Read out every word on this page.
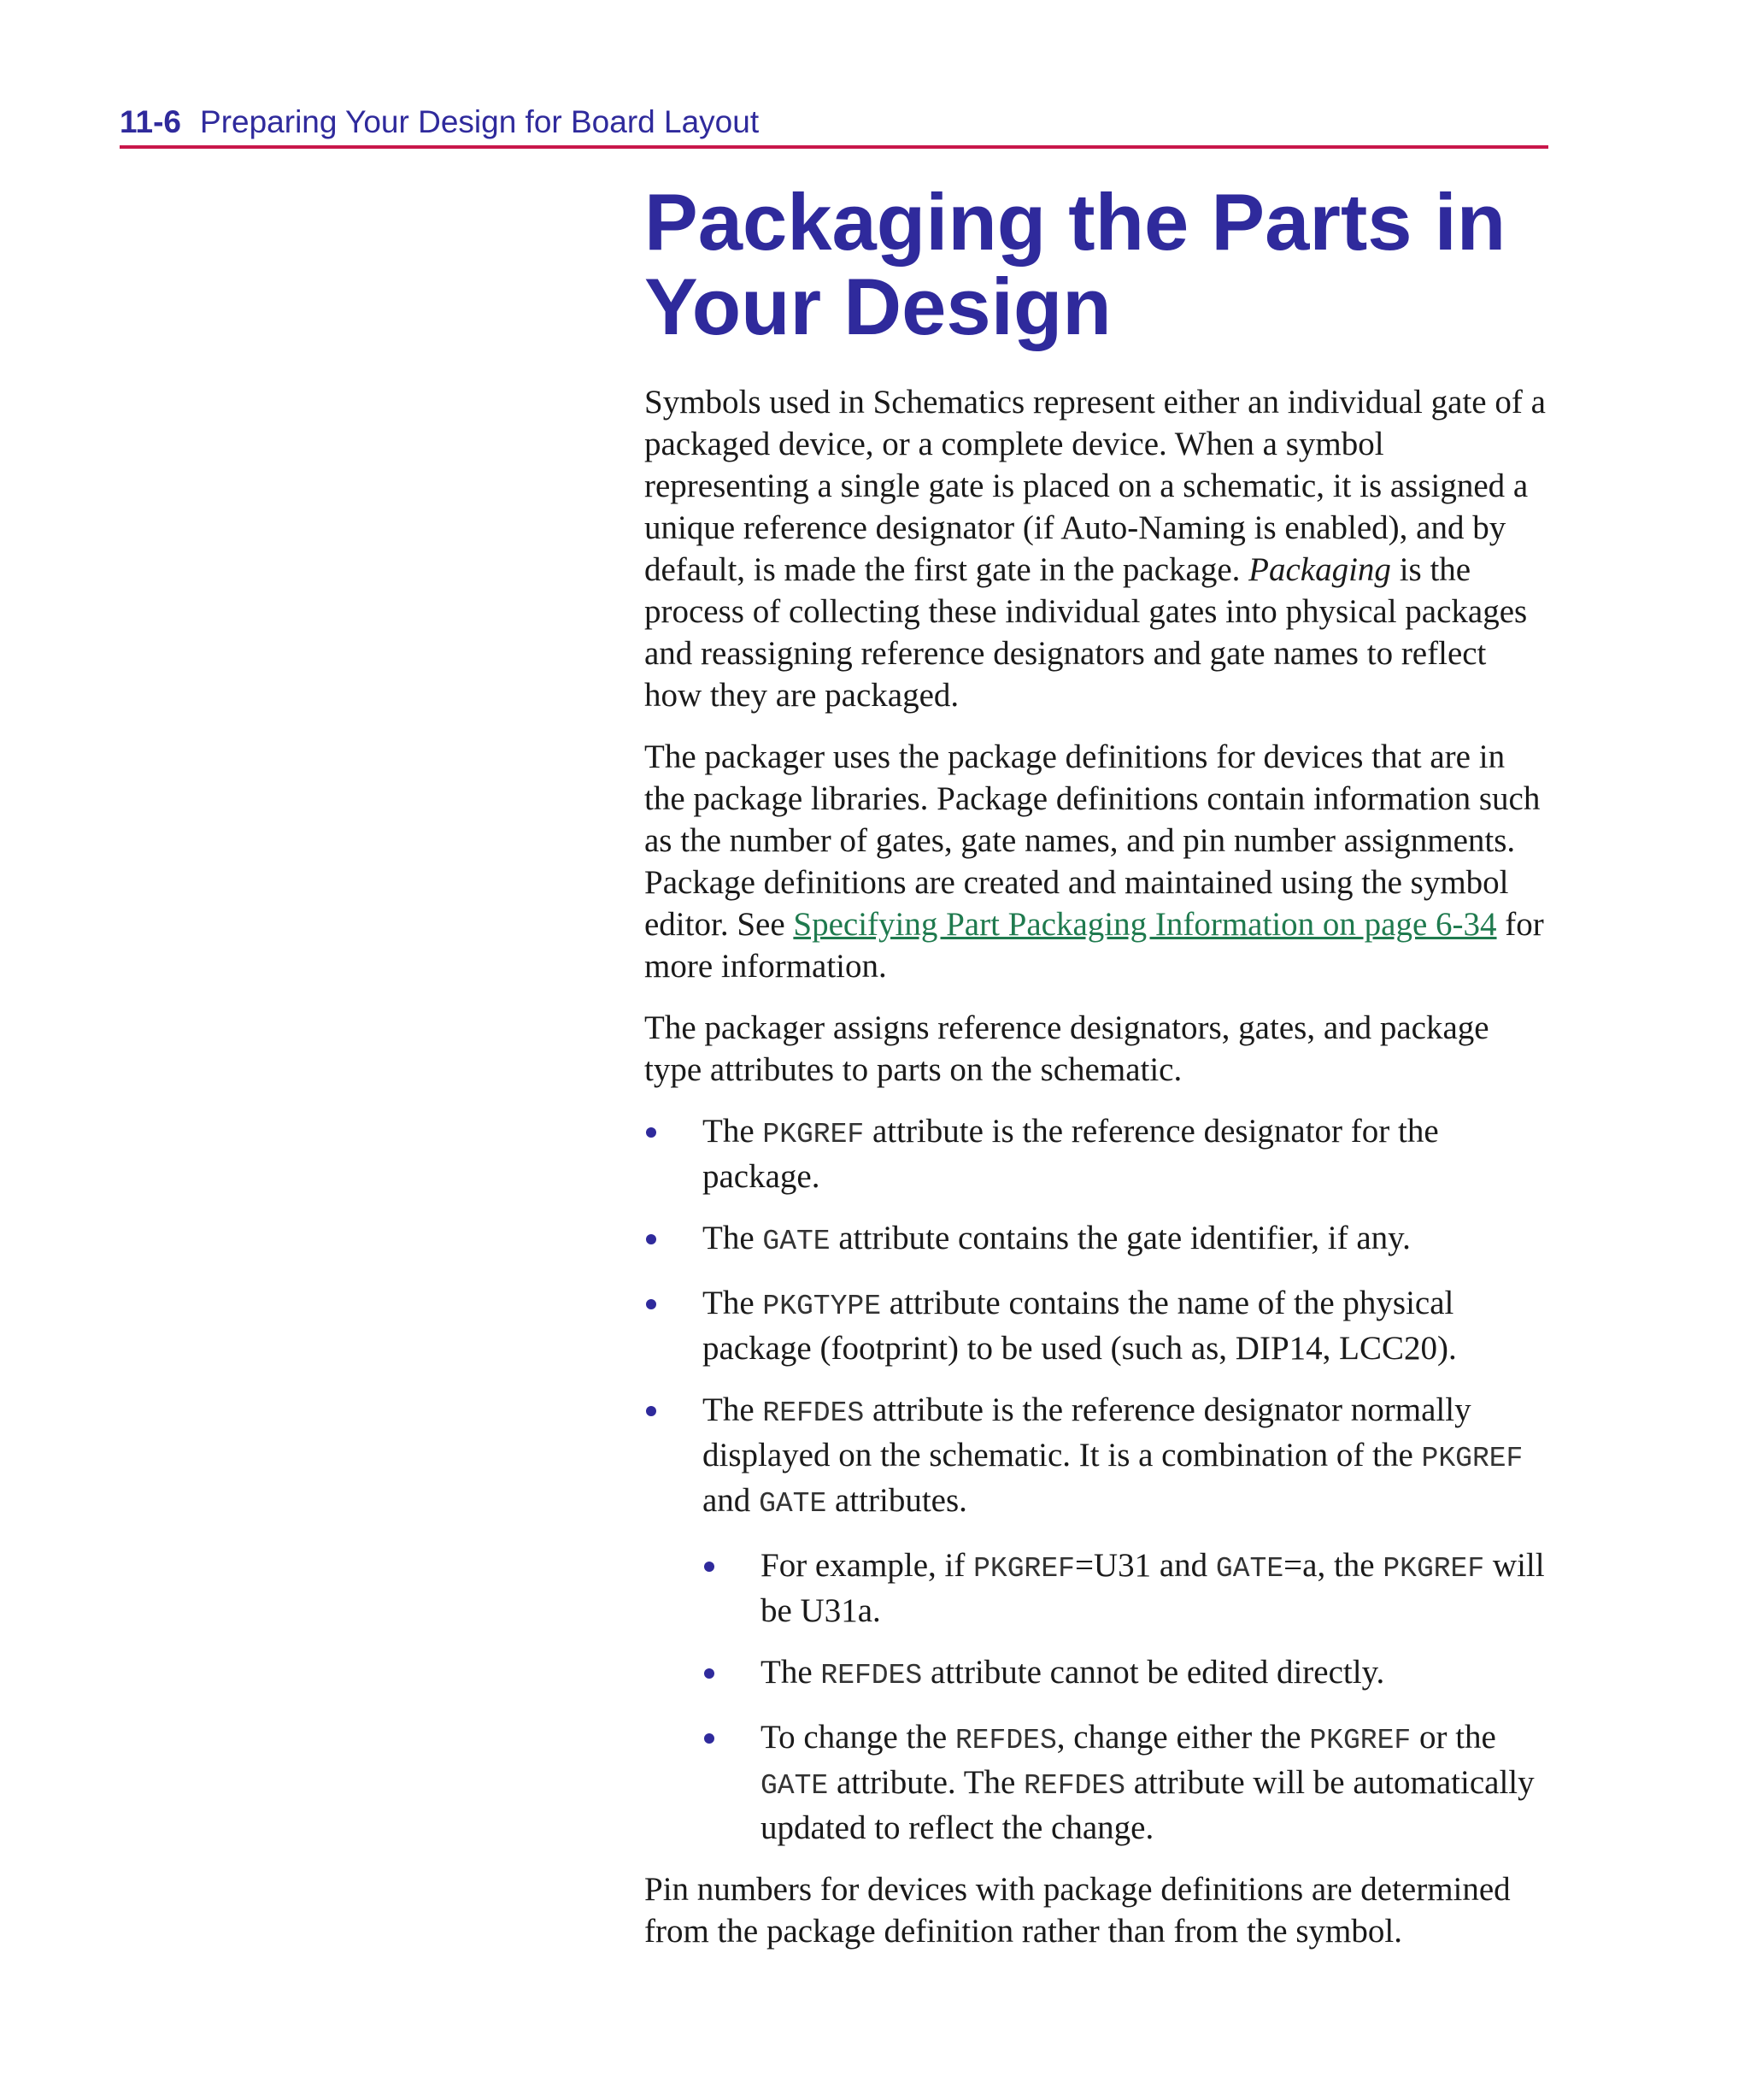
11-6 Preparing Your Design for Board Layout
Packaging the Parts in Your Design

Symbols used in Schematics represent either an individual gate of a packaged device, or a complete device. When a symbol representing a single gate is placed on a schematic, it is assigned a unique reference designator (if Auto-Naming is enabled), and by default, is made the first gate in the package. Packaging is the process of collecting these individual gates into physical packages and reassigning reference designators and gate names to reflect how they are packaged.

The packager uses the package definitions for devices that are in the package libraries. Package definitions contain information such as the number of gates, gate names, and pin number assignments. Package definitions are created and maintained using the symbol editor. See Specifying Part Packaging Information on page 6-34 for more information.

The packager assigns reference designators, gates, and package type attributes to parts on the schematic.

The PKGREF attribute is the reference designator for the package.
The GATE attribute contains the gate identifier, if any.
The PKGTYPE attribute contains the name of the physical package (footprint) to be used (such as, DIP14, LCC20).
The REFDES attribute is the reference designator normally displayed on the schematic. It is a combination of the PKGREF and GATE attributes.
For example, if PKGREF=U31 and GATE=a, the PKGREF will be U31a.
The REFDES attribute cannot be edited directly.
To change the REFDES, change either the PKGREF or the GATE attribute. The REFDES attribute will be automatically updated to reflect the change.

Pin numbers for devices with package definitions are determined from the package definition rather than from the symbol.
